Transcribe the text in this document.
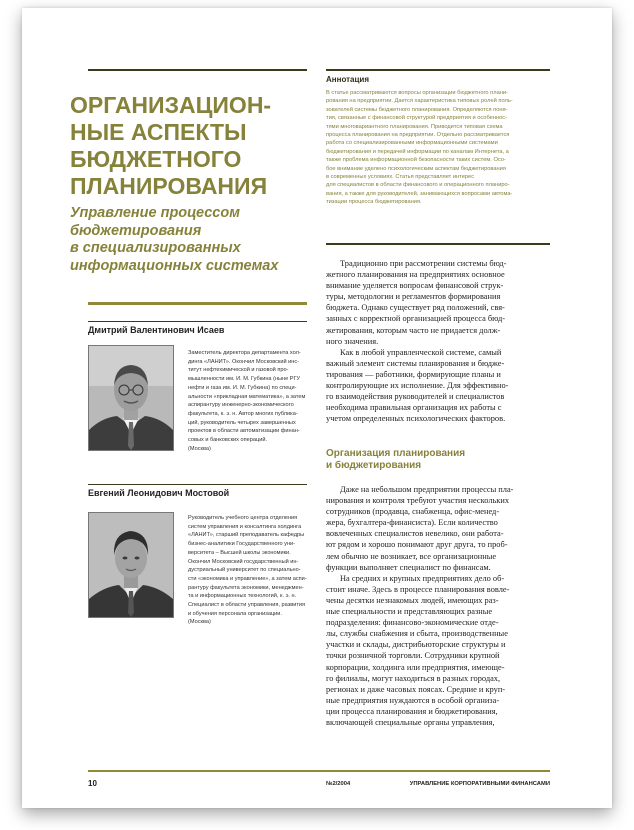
ОРГАНИЗАЦИОН-
НЫЕ АСПЕКТЫ
БЮДЖЕТНОГО
ПЛАНИРОВАНИЯ
Управление процессом
бюджетирования
в специализированных
информационных системах
Дмитрий Валентинович Исаев
Заместитель директора департамента хол-
динга «ЛАНИТ». Окончил Московский инс-
титут нефтехимической и газовой про-
мышленности им. И. М. Губкина (ныне РГУ
нефти и газа им. И. М. Губкина) по специ-
альности «прикладная математика», а затем
аспирантуру инженерно-экономического
факультета, к. э. н. Автор многих публика-
ций, руководитель четырех завершенных
проектов в области автоматизации финан-
совых и банковских операций.
(Москва)
Евгений Леонидович Мостовой
Руководитель учебного центра отделения
систем управления и консалтинга холдинга
«ЛАНИТ», старший преподаватель кафедры
бизнес-аналитики Государственного уни-
верситета – Высшей школы экономики.
Окончил Московский государственный ин-
дустриальный университет по специально-
сти «экономика и управление», а затем аспи-
рантуру факультета экономики, менеджмен-
та и информационных технологий, к. э. н.
Специалист в области управления, развития
и обучения персонала организации.
(Москва)
Аннотация
В статье рассматриваются вопросы организации бюджетного плани-
рования на предприятии. Дается характеристика типовых ролей поль-
зователей системы бюджетного планирования. Определяются поня-
тия, связанные с финансовой структурой предприятия и особеннос-
тями многовариантного планирования. Приводится типовая схема
процесса планирования на предприятии. Отдельно рассматривается
работа со специализированными информационными системами
бюджетирования и передачей информации по каналам Интернета, а
также проблема информационной безопасности таких систем. Осо-
бое внимание уделено психологическим аспектам бюджетирования
в современных условиях. Статья представляет интерес
для специалистов в области финансового и операционного планиро-
вания, а также для руководителей, занимающихся вопросами автома-
тизации процесса бюджетирования.
Традиционно при рассмотрении системы бюд-
жетного планирования на предприятиях основное
внимание уделяется вопросам финансовой струк-
туры, методологии и регламентов формирования
бюджета. Однако существует ряд положений, свя-
занных с корректной организацией процесса бюд-
жетирования, которым часто не придается долж-
ного значения.
Как в любой управленческой системе, самый
важный элемент системы планирования и бюдже-
тирования — работники, формирующие планы и
контролирующие их исполнение. Для эффективно-
го взаимодействия руководителей и специалистов
необходима правильная организация их работы с
учетом определенных психологических факторов.
Организация планирования
и бюджетирования
Даже на небольшом предприятии процессы пла-
нирования и контроля требуют участия нескольких
сотрудников (продавца, снабженца, офис-менед-
жера, бухгалтера-финансиста). Если количество
вовлеченных специалистов невелико, они работа-
ют рядом и хорошо понимают друг друга, то проб-
лем обычно не возникает, все организационные
функции выполняет специалист по финансам.
На средних и крупных предприятиях дело об-
стоит иначе. Здесь в процессе планирования вовле-
чены десятки незнакомых людей, имеющих раз-
ные специальности и представляющих разные
подразделения: финансово-экономические отде-
лы, службы снабжения и сбыта, производственные
участки и склады, дистрибьюторские структуры и
точки розничной торговли. Сотрудники крупной
корпорации, холдинга или предприятия, имеюще-
го филиалы, могут находиться в разных городах,
регионах и даже часовых поясах. Средние и круп-
ные предприятия нуждаются в особой организа-
ции процесса планирования и бюджетирования,
включающей специальные органы управления,
10	№2/2004	УПРАВЛЕНИЕ КОРПОРАТИВНЫМИ ФИНАНСАМИ
